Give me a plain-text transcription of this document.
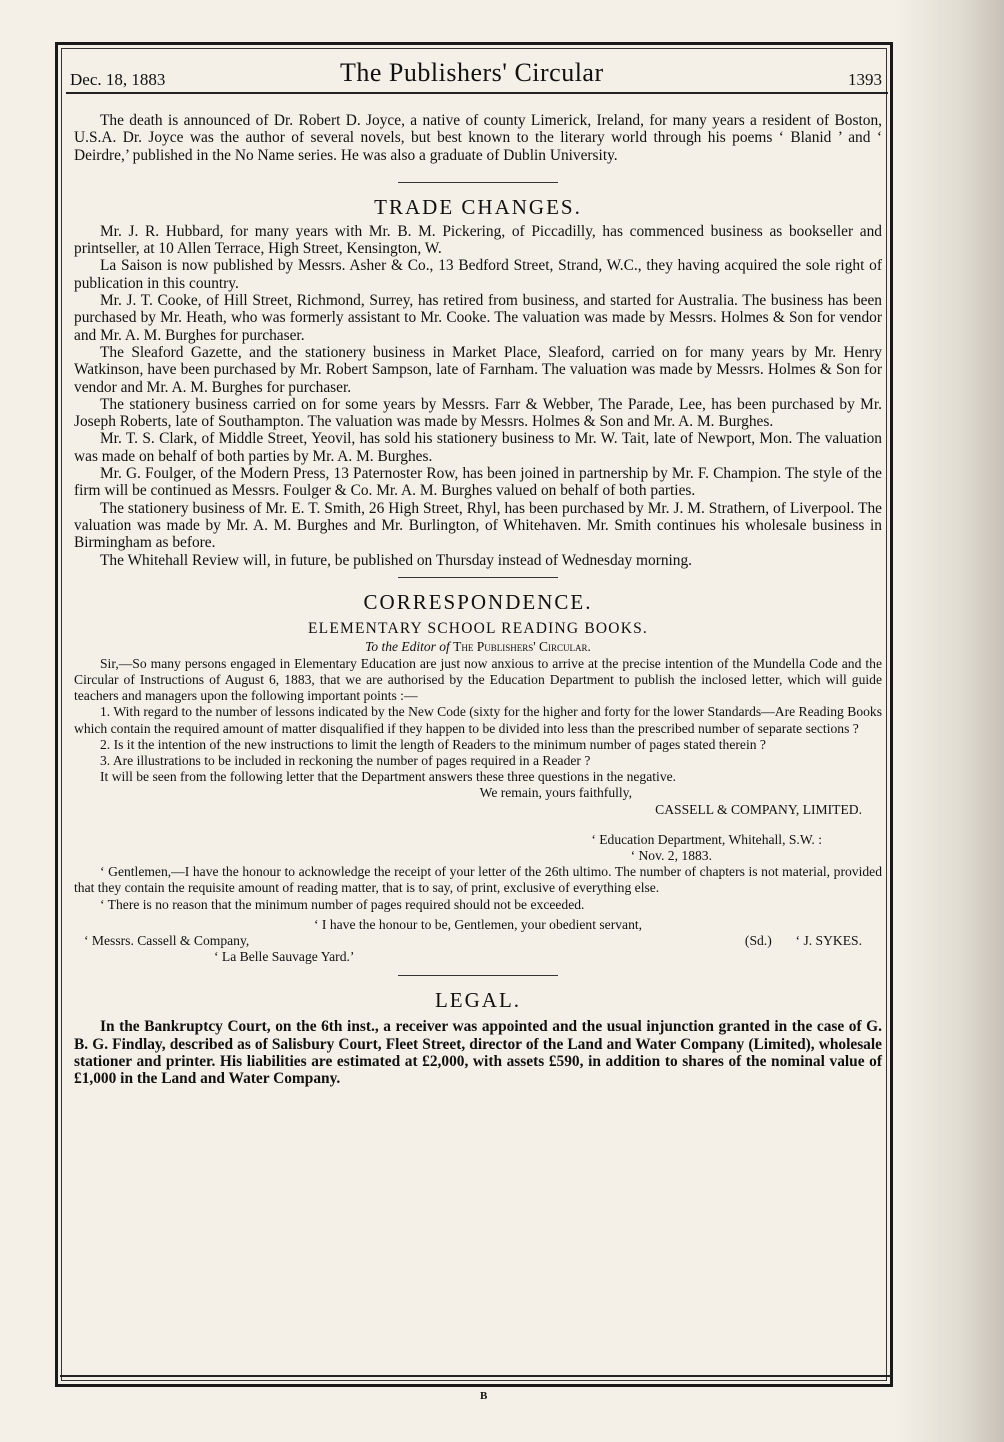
Dec. 18, 1883	The Publishers' Circular	1393

The death is announced of Dr. Robert D. Joyce, a native of county Limerick, Ireland, for many years a resident of Boston, U.S.A. Dr. Joyce was the author of several novels, but best known to the literary world through his poems ‘ Blanid ’ and ‘ Deirdre,’ published in the No Name series. He was also a graduate of Dublin University.

TRADE CHANGES.

Mr. J. R. Hubbard, for many years with Mr. B. M. Pickering, of Piccadilly, has commenced business as bookseller and printseller, at 10 Allen Terrace, High Street, Kensington, W.

La Saison is now published by Messrs. Asher & Co., 13 Bedford Street, Strand, W.C., they having acquired the sole right of publication in this country.

Mr. J. T. Cooke, of Hill Street, Richmond, Surrey, has retired from business, and started for Australia. The business has been purchased by Mr. Heath, who was formerly assistant to Mr. Cooke. The valuation was made by Messrs. Holmes & Son for vendor and Mr. A. M. Burghes for purchaser.

The Sleaford Gazette, and the stationery business in Market Place, Sleaford, carried on for many years by Mr. Henry Watkinson, have been purchased by Mr. Robert Sampson, late of Farnham. The valuation was made by Messrs. Holmes & Son for vendor and Mr. A. M. Burghes for purchaser.

The stationery business carried on for some years by Messrs. Farr & Webber, The Parade, Lee, has been purchased by Mr. Joseph Roberts, late of Southampton. The valuation was made by Messrs. Holmes & Son and Mr. A. M. Burghes.

Mr. T. S. Clark, of Middle Street, Yeovil, has sold his stationery business to Mr. W. Tait, late of Newport, Mon. The valuation was made on behalf of both parties by Mr. A. M. Burghes.

Mr. G. Foulger, of the Modern Press, 13 Paternoster Row, has been joined in partnership by Mr. F. Champion. The style of the firm will be continued as Messrs. Foulger & Co. Mr. A. M. Burghes valued on behalf of both parties.

The stationery business of Mr. E. T. Smith, 26 High Street, Rhyl, has been purchased by Mr. J. M. Strathern, of Liverpool. The valuation was made by Mr. A. M. Burghes and Mr. Burlington, of Whitehaven. Mr. Smith continues his wholesale business in Birmingham as before.

The Whitehall Review will, in future, be published on Thursday instead of Wednesday morning.

CORRESPONDENCE.
ELEMENTARY SCHOOL READING BOOKS.
To the Editor of The Publishers' Circular.

Sir,—So many persons engaged in Elementary Education are just now anxious to arrive at the precise intention of the Mundella Code and the Circular of Instructions of August 6, 1883, that we are authorised by the Education Department to publish the inclosed letter, which will guide teachers and managers upon the following important points :—

1. With regard to the number of lessons indicated by the New Code (sixty for the higher and forty for the lower Standards—Are Reading Books which contain the required amount of matter disqualified if they happen to be divided into less than the prescribed number of separate sections ?

2. Is it the intention of the new instructions to limit the length of Readers to the minimum number of pages stated therein ?

3. Are illustrations to be included in reckoning the number of pages required in a Reader ?

It will be seen from the following letter that the Department answers these three questions in the negative.

We remain, yours faithfully,
CASSELL & COMPANY, LIMITED.
‘ Education Department, Whitehall, S.W. :
‘ Nov. 2, 1883.

‘ Gentlemen,—I have the honour to acknowledge the receipt of your letter of the 26th ultimo. The number of chapters is not material, provided that they contain the requisite amount of reading matter, that is to say, of print, exclusive of everything else.

‘ There is no reason that the minimum number of pages required should not be exceeded.

‘ I have the honour to be, Gentlemen, your obedient servant,
‘ Messrs. Cassell & Company,	(Sd.) ‘ J. SYKES.
‘ La Belle Sauvage Yard.’
LEGAL.

In the Bankruptcy Court, on the 6th inst., a receiver was appointed and the usual injunction granted in the case of G. B. G. Findlay, described as of Salisbury Court, Fleet Street, director of the Land and Water Company (Limited), wholesale stationer and printer. His liabilities are estimated at £2,000, with assets £590, in addition to shares of the nominal value of £1,000 in the Land and Water Company.

B
